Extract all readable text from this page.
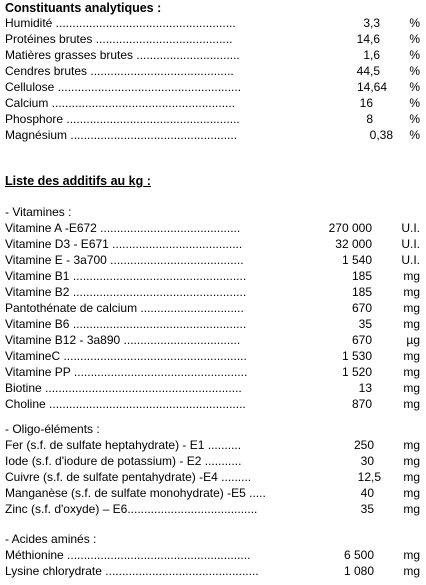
Constituants analytiques :
Humidité ......................................................	3,3 %
Protéines brutes .........................................	14,6 %
Matières grasses brutes ...............................	1,6 %
Cendres brutes ...........................................	44,5 %
Cellulose .......................................................	14,64 %
Calcium .......................................................	16	%
Phosphore ....................................................	8	%
Magnésium ..................................................	0,38 %
Liste des additifs au kg :
- Vitamines :
Vitamine A -E672 ..........................................	270 000 U.I.
Vitamine D3 - E671 .......................................	32 000 U.I.
Vitamine E - 3a700 ........................................	1 540 U.I.
Vitamine B1 ....................................................	185	mg
Vitamine B2 ....................................................	185	mg
Pantothénate de calcium ...............................	670	mg
Vitamine B6 ....................................................	35	mg
Vitamine B12 - 3a890 ...................................	670	µg
VitamineC .......................................................	1 530	mg
Vitamine PP ....................................................	1 520	mg
Biotine ...........................................................	13	mg
Choline ...........................................................	870	mg
- Oligo-éléments :
Fer (s.f. de sulfate heptahydrate) - E1 ..........	250 mg
Iode (s.f. d'iodure de potassium) - E2 ...........	30 mg
Cuivre (s.f. de sulfate pentahydrate) -E4 .........	12,5 mg
Manganèse (s.f. de sulfate monohydrate) -E5 .....	40 mg
Zinc (s.f. d'oxyde) – E6.......................................	35 mg
- Acides aminés :
Méthionine .......................................................	6 500 mg
Lysine chlorydrate ..............................................	1 080 mg
